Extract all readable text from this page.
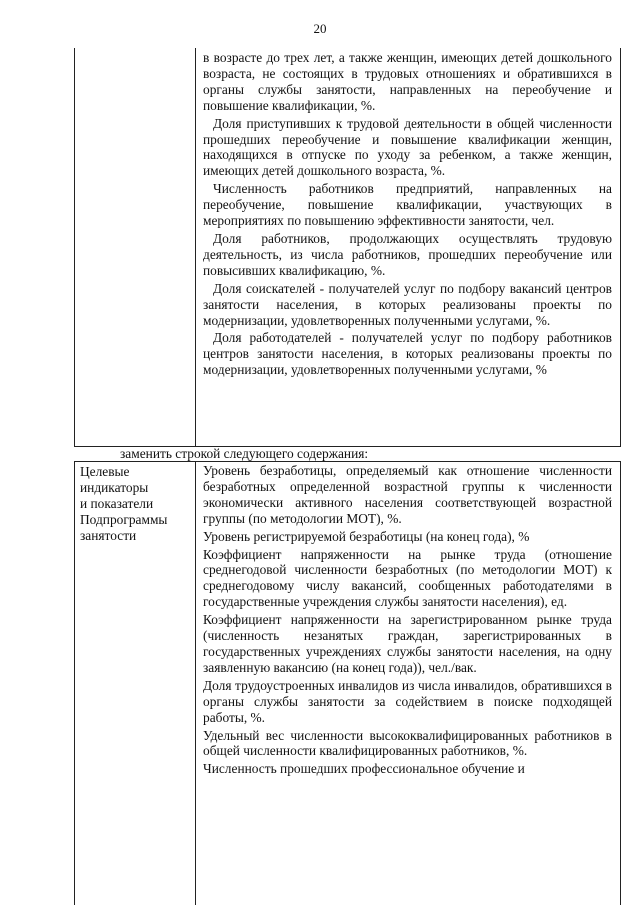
20

в возрасте до трех лет, а также женщин, имеющих детей дошкольного возраста, не состоящих в трудовых отношениях и обратившихся в органы службы занятости, направленных на переобучение и повышение квалификации, %.

Доля приступивших к трудовой деятельности в общей численности прошедших переобучение и повышение квалификации женщин, находящихся в отпуске по уходу за ребенком, а также женщин, имеющих детей дошкольного возраста, %.

Численность работников предприятий, направленных на переобучение, повышение квалификации, участвующих в мероприятиях по повышению эффективности занятости, чел.

Доля работников, продолжающих осуществлять трудовую деятельность, из числа работников, прошедших переобучение или повысивших квалификацию, %.

Доля соискателей - получателей услуг по подбору вакансий центров занятости населения, в которых реализованы проекты по модернизации, удовлетворенных полученными услугами, %.

Доля работодателей - получателей услуг по подбору работников центров занятости населения, в которых реализованы проекты по модернизации, удовлетворенных полученными услугами, %

заменить строкой следующего содержания:
Целевые
индикаторы
и показатели
Подпрограммы
занятости

Уровень безработицы, определяемый как отношение численности безработных определенной возрастной группы к численности экономически активного населения соответствующей возрастной группы (по методологии МОТ), %.

Уровень регистрируемой безработицы (на конец года), %

Коэффициент напряженности на рынке труда (отношение среднегодовой численности безработных (по методологии МОТ) к среднегодовому числу вакансий, сообщенных работодателями в государственные учреждения службы занятости населения), ед.

Коэффициент напряженности на зарегистрированном рынке труда (численность незанятых граждан, зарегистрированных в государственных учреждениях службы занятости населения, на одну заявленную вакансию (на конец года)), чел./вак.

Доля трудоустроенных инвалидов из числа инвалидов, обратившихся в органы службы занятости за содействием в поиске подходящей работы, %.

Удельный вес численности высококвалифицированных работников в общей численности квалифицированных работников, %.

Численность прошедших профессиональное обучение и
